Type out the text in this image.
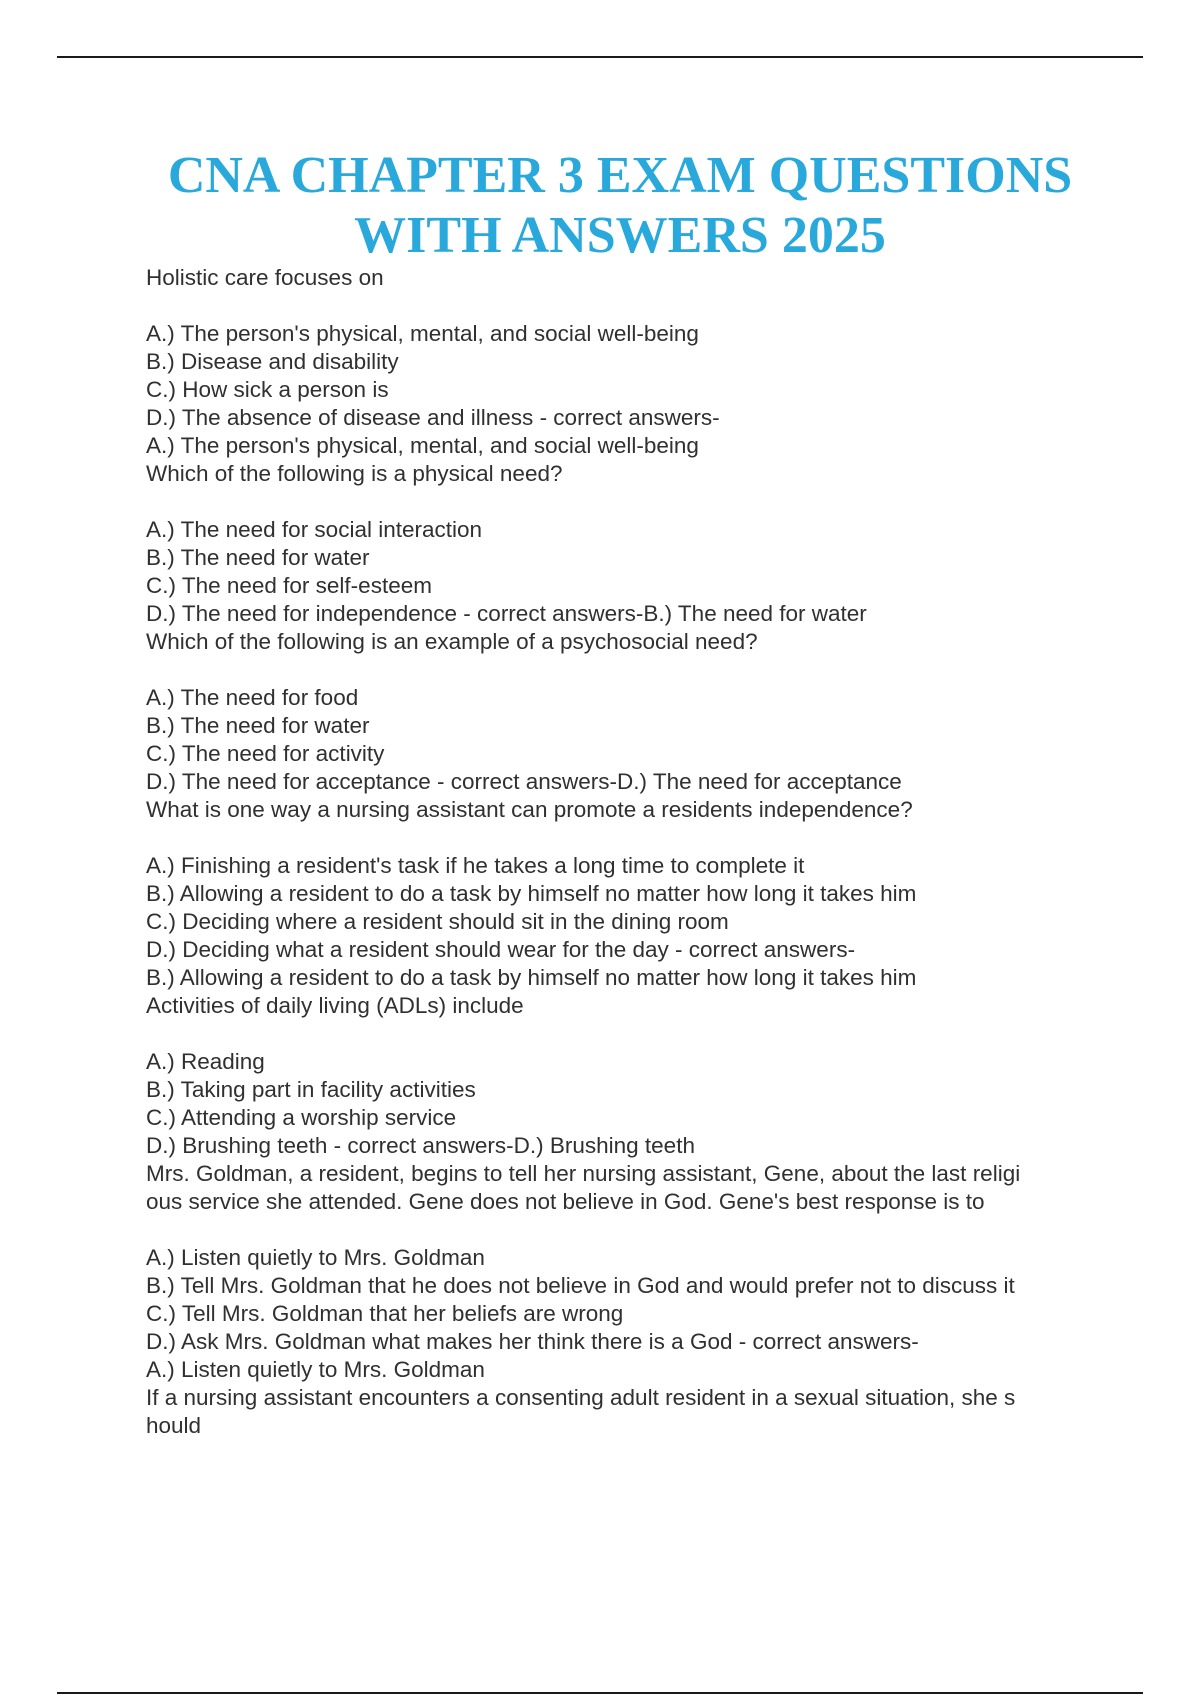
CNA CHAPTER 3 EXAM QUESTIONS
WITH ANSWERS 2025
Holistic care focuses on
A.) The person's physical, mental, and social well-being
B.) Disease and disability
C.) How sick a person is
D.) The absence of disease and illness - correct answers-
A.) The person's physical, mental, and social well-being
Which of the following is a physical need?
A.) The need for social interaction
B.) The need for water
C.) The need for self-esteem
D.) The need for independence - correct answers-B.) The need for water
Which of the following is an example of a psychosocial need?
A.) The need for food
B.) The need for water
C.) The need for activity
D.) The need for acceptance - correct answers-D.) The need for acceptance
What is one way a nursing assistant can promote a residents independence?
A.) Finishing a resident's task if he takes a long time to complete it
B.) Allowing a resident to do a task by himself no matter how long it takes him
C.) Deciding where a resident should sit in the dining room
D.) Deciding what a resident should wear for the day - correct answers-
B.) Allowing a resident to do a task by himself no matter how long it takes him
Activities of daily living (ADLs) include
A.) Reading
B.) Taking part in facility activities
C.) Attending a worship service
D.) Brushing teeth - correct answers-D.) Brushing teeth
Mrs. Goldman, a resident, begins to tell her nursing assistant, Gene, about the last religi
ous service she attended. Gene does not believe in God. Gene's best response is to
A.) Listen quietly to Mrs. Goldman
B.) Tell Mrs. Goldman that he does not believe in God and would prefer not to discuss it
C.) Tell Mrs. Goldman that her beliefs are wrong
D.) Ask Mrs. Goldman what makes her think there is a God - correct answers-
A.) Listen quietly to Mrs. Goldman
If a nursing assistant encounters a consenting adult resident in a sexual situation, she s
hould
